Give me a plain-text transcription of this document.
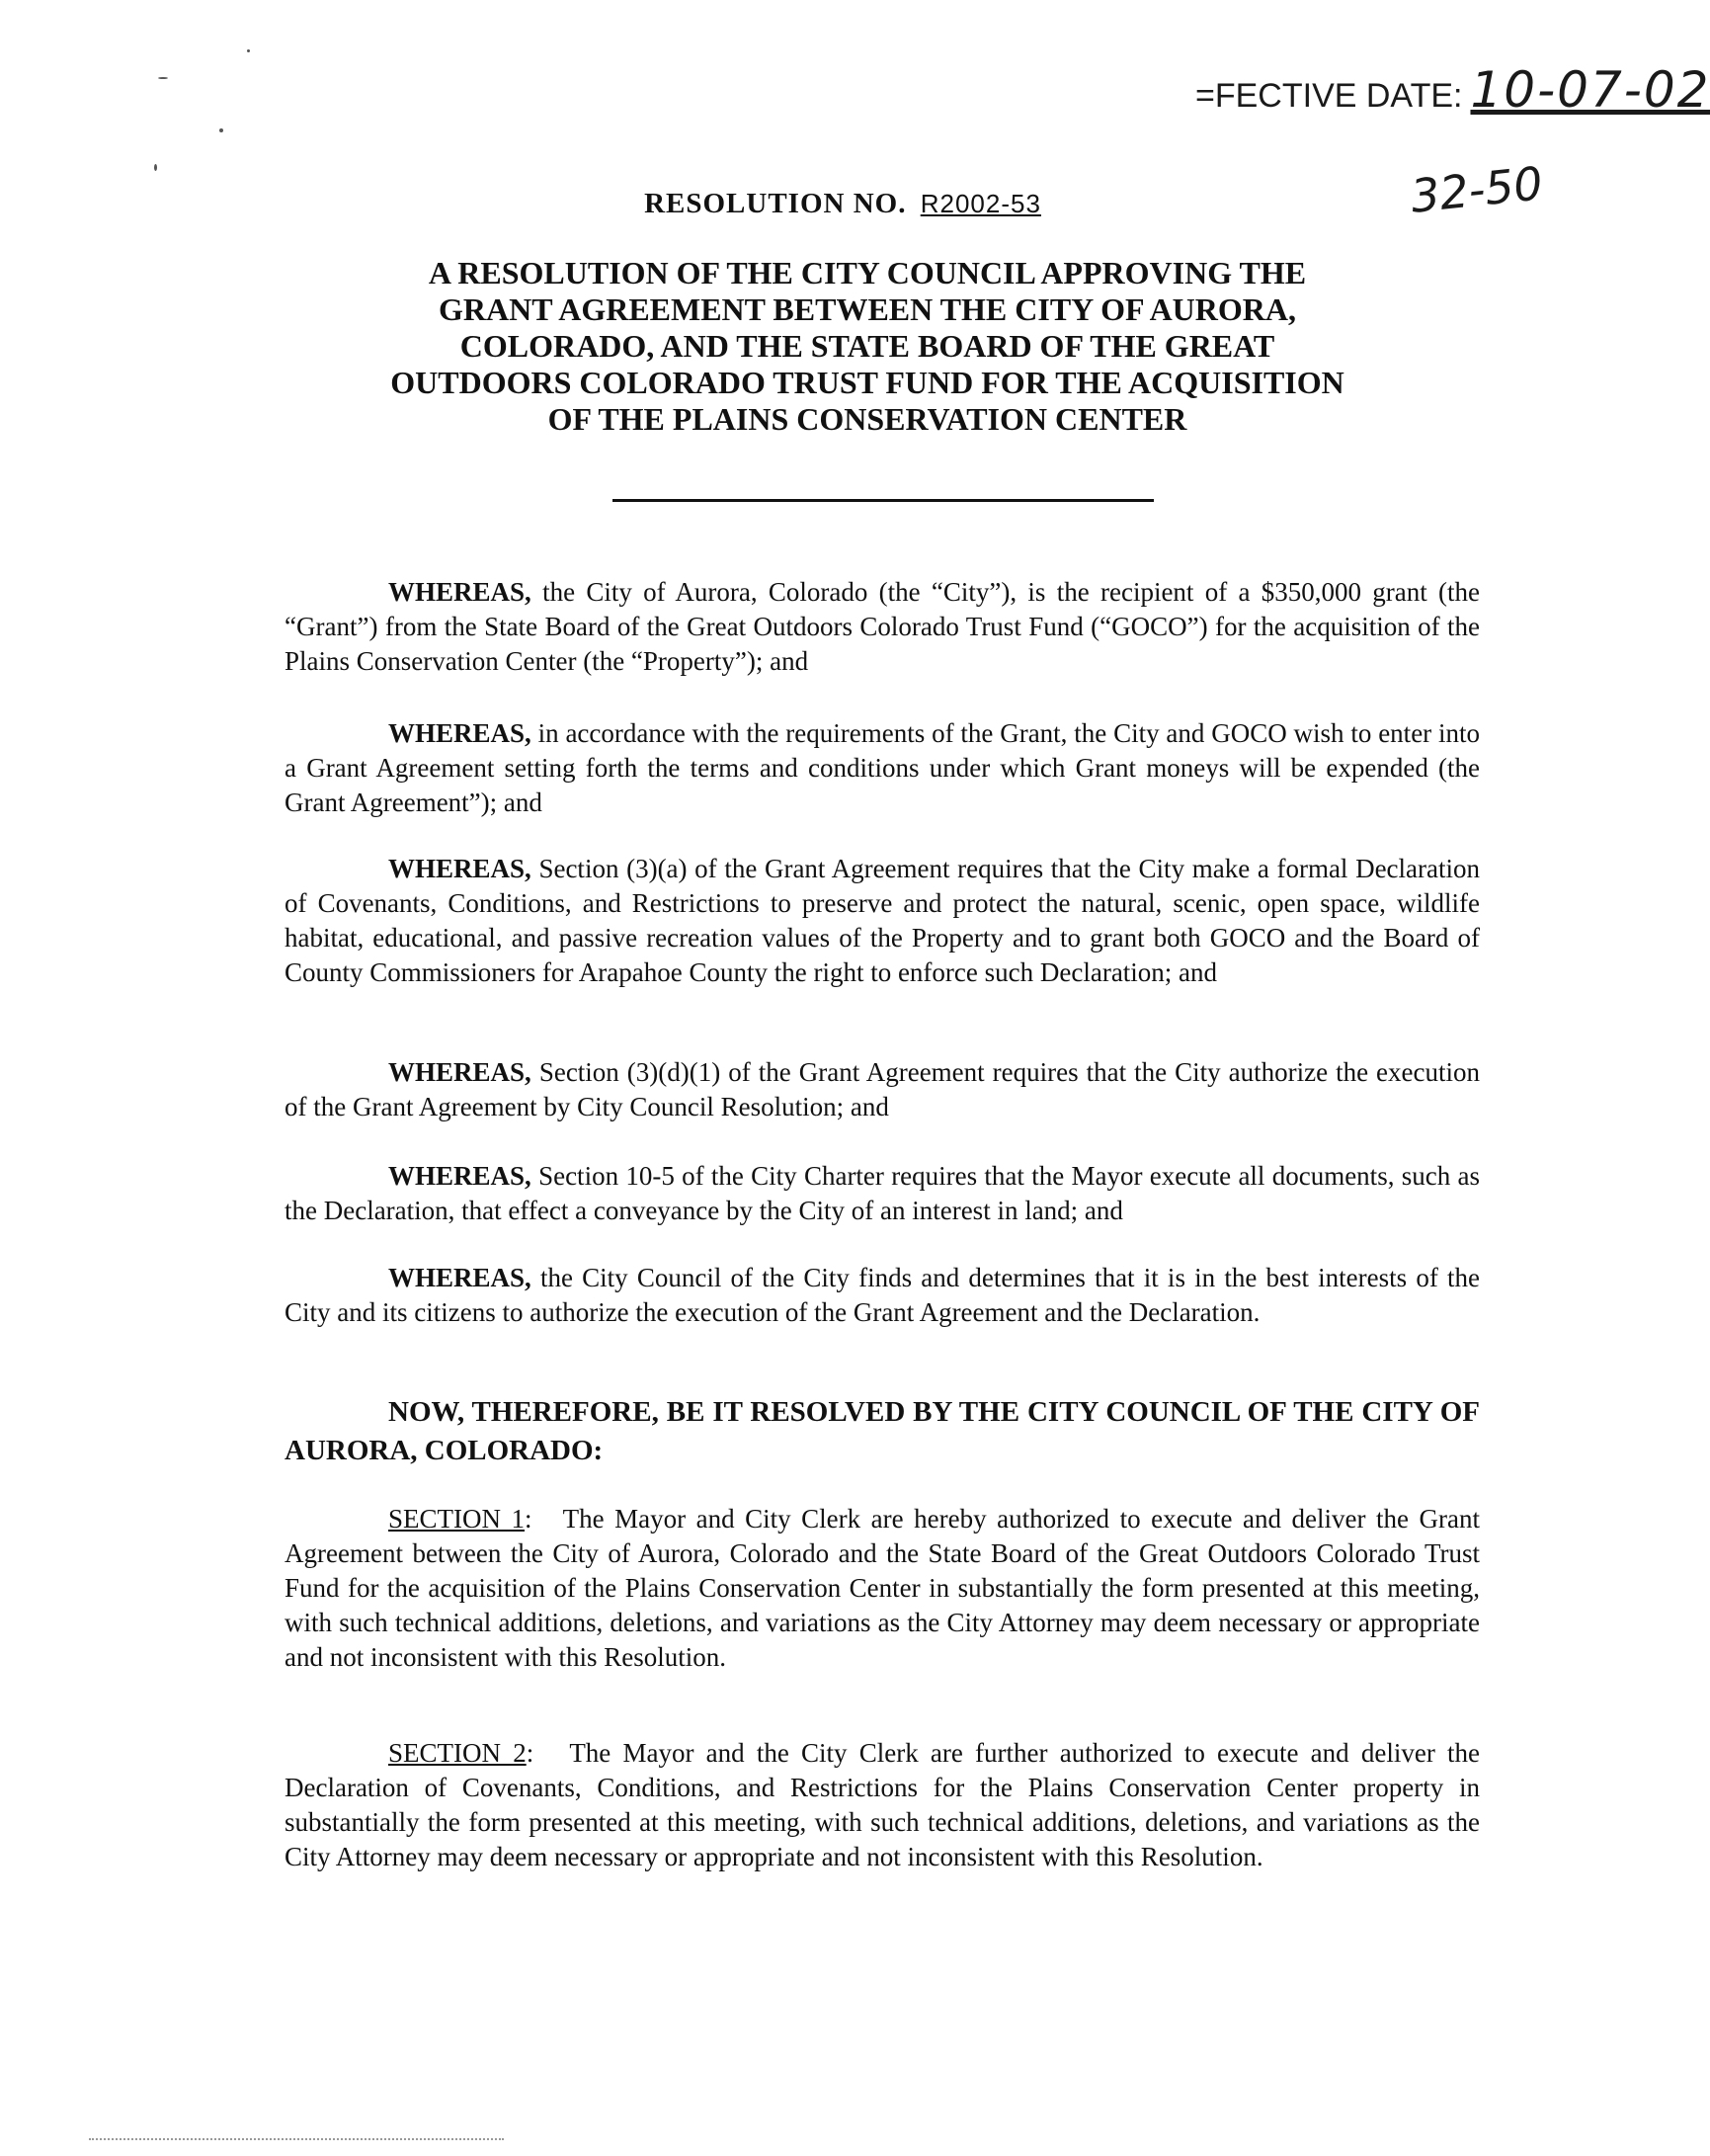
=FECTIVE DATE: 10-07-02
32-50
RESOLUTION NO. R2002-53
A RESOLUTION OF THE CITY COUNCIL APPROVING THE GRANT AGREEMENT BETWEEN THE CITY OF AURORA, COLORADO, AND THE STATE BOARD OF THE GREAT OUTDOORS COLORADO TRUST FUND FOR THE ACQUISITION OF THE PLAINS CONSERVATION CENTER
WHEREAS, the City of Aurora, Colorado (the “City”), is the recipient of a $350,000 grant (the “Grant”) from the State Board of the Great Outdoors Colorado Trust Fund (“GOCO”) for the acquisition of the Plains Conservation Center (the “Property”); and
WHEREAS, in accordance with the requirements of the Grant, the City and GOCO wish to enter into a Grant Agreement setting forth the terms and conditions under which Grant moneys will be expended (the Grant Agreement”); and
WHEREAS, Section (3)(a) of the Grant Agreement requires that the City make a formal Declaration of Covenants, Conditions, and Restrictions to preserve and protect the natural, scenic, open space, wildlife habitat, educational, and passive recreation values of the Property and to grant both GOCO and the Board of County Commissioners for Arapahoe County the right to enforce such Declaration; and
WHEREAS, Section (3)(d)(1) of the Grant Agreement requires that the City authorize the execution of the Grant Agreement by City Council Resolution; and
WHEREAS, Section 10-5 of the City Charter requires that the Mayor execute all documents, such as the Declaration, that effect a conveyance by the City of an interest in land; and
WHEREAS, the City Council of the City finds and determines that it is in the best interests of the City and its citizens to authorize the execution of the Grant Agreement and the Declaration.
NOW, THEREFORE, BE IT RESOLVED BY THE CITY COUNCIL OF THE CITY OF AURORA, COLORADO:
SECTION 1:   The Mayor and City Clerk are hereby authorized to execute and deliver the Grant Agreement between the City of Aurora, Colorado and the State Board of the Great Outdoors Colorado Trust Fund for the acquisition of the Plains Conservation Center in substantially the form presented at this meeting, with such technical additions, deletions, and variations as the City Attorney may deem necessary or appropriate and not inconsistent with this Resolution.
SECTION 2:   The Mayor and the City Clerk are further authorized to execute and deliver the Declaration of Covenants, Conditions, and Restrictions for the Plains Conservation Center property in substantially the form presented at this meeting, with such technical additions, deletions, and variations as the City Attorney may deem necessary or appropriate and not inconsistent with this Resolution.
